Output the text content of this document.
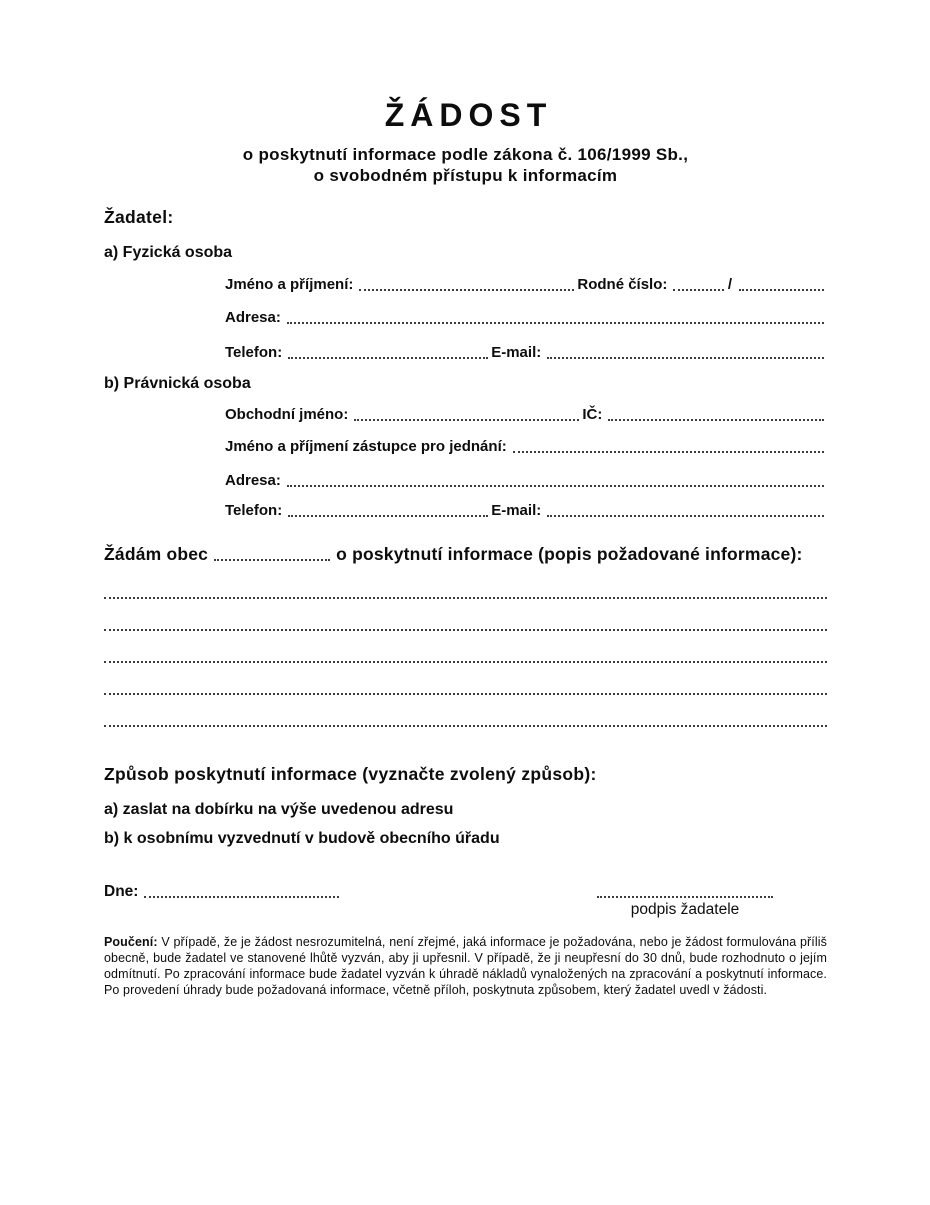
ŽÁDOST
o poskytnutí informace podle zákona č. 106/1999 Sb.,
o svobodném přístupu k informacím
Žadatel:
a) Fyzická osoba
Jméno a příjmení:	Rodné číslo:	/
Adresa:
Telefon:	E-mail:
b) Právnická osoba
Obchodní jméno:	IČ:
Jméno a příjmení zástupce pro jednání:
Adresa:
Telefon:	E-mail:
Žádám obec	o poskytnutí informace (popis požadované informace):
Způsob poskytnutí informace (vyznačte zvolený způsob):
a) zaslat na dobírku na výše uvedenou adresu
b) k osobnímu vyzvednutí v budově obecního úřadu
Dne:
podpis žadatele

Poučení: V případě, že je žádost nesrozumitelná, není zřejmé, jaká informace je požadována, nebo je žádost formulována příliš obecně, bude žadatel ve stanovené lhůtě vyzván, aby ji upřesnil. V případě, že ji neupřesní do 30 dnů, bude rozhodnuto o jejím odmítnutí. Po zpracování informace bude žadatel vyzván k úhradě nákladů vynaložených na zpracování a poskytnutí informace. Po provedení úhrady bude požadovaná informace, včetně příloh, poskytnuta způsobem, který žadatel uvedl v žádosti.
